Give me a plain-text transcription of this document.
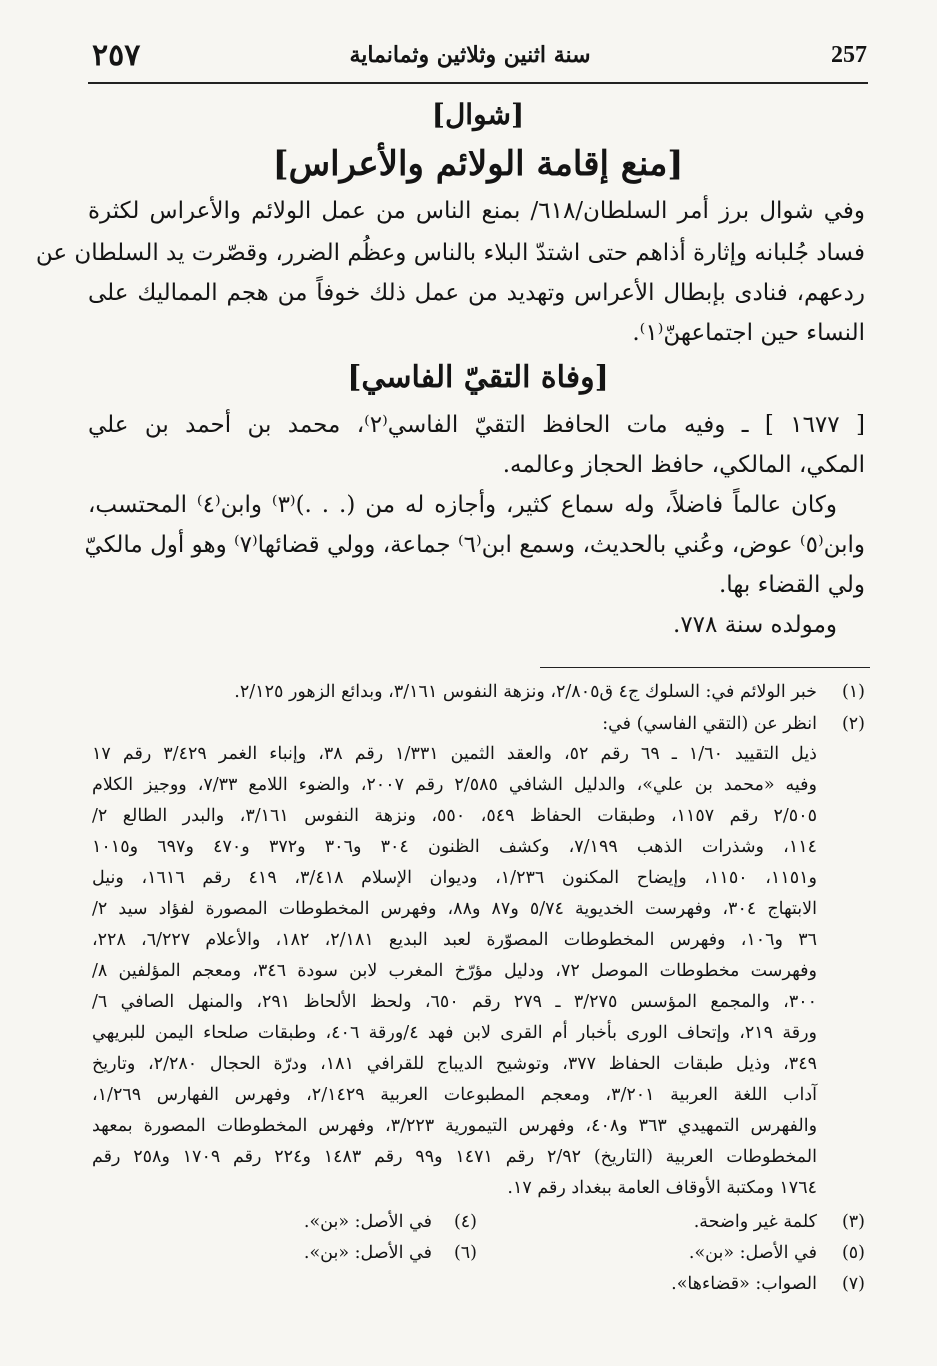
٢٥٧	سنة اثنين وثلاثين وثمانماية	257
[شوال]
[منع إقامة الولائم والأعراس]
وفي شوال برز أمر السلطان/٦١٨/ بمنع الناس من عمل الولائم والأعراس لكثرة
فساد جُلبانه وإثارة أذاهم حتى اشتدّ البلاء بالناس وعظُم الضرر، وقصّرت يد السلطان عن
ردعهم، فنادى بإبطال الأعراس وتهديد من عمل ذلك خوفاً من هجم المماليك على
النساء حين اجتماعهنّ⁽١⁾.
[وفاة التقيّ الفاسي]
[ ١٦٧٧ ] ـ وفيه مات الحافظ التقيّ الفاسي⁽٢⁾، محمد بن أحمد بن علي
المكي، المالكي، حافظ الحجاز وعالمه.
وكان عالماً فاضلاً، وله سماع كثير، وأجازه له من (. . .)⁽٣⁾ وابن⁽٤⁾ المحتسب،
وابن⁽٥⁾ عوض، وعُني بالحديث، وسمع ابن⁽٦⁾ جماعة، وولي قضائها⁽٧⁾ وهو أول مالكيّ
ولي القضاء بها.
ومولده سنة ٧٧٨.
(١)
خبر الولائم في: السلوك ج٤ ق٢/٨٠٥، ونزهة النفوس ٣/١٦١، وبدائع الزهور ٢/١٢٥.
(٢)
انظر عن (التقي الفاسي) في:
ذيل التقييد ١/٦٠ ـ ٦٩ رقم ٥٢، والعقد الثمين ١/٣٣١ رقم ٣٨، وإنباء الغمر ٣/٤٢٩ رقم ١٧
وفيه «محمد بن علي»، والدليل الشافي ٢/٥٨٥ رقم ٢٠٠٧، والضوء اللامع ٧/٣٣، ووجيز الكلام
٢/٥٠٥ رقم ١١٥٧، وطبقات الحفاظ ٥٤٩، ٥٥٠، ونزهة النفوس ٣/١٦١، والبدر الطالع ٢/
١١٤، وشذرات الذهب ٧/١٩٩، وكشف الظنون ٣٠٤ و٣٠٦ و٣٧٢ و٤٧٠ و٦٩٧ و١٠١٥
و١١٥١، ١١٥٠، وإيضاح المكنون ١/٢٣٦، وديوان الإسلام ٣/٤١٨، ٤١٩ رقم ١٦١٦، ونيل
الابتهاج ٣٠٤، وفهرست الخديوية ٥/٧٤ و٨٧ و٨٨، وفهرس المخطوطات المصورة لفؤاد سيد ٢/
٣٦ و١٠٦، وفهرس المخطوطات المصوّرة لعبد البديع ٢/١٨١، ١٨٢، والأعلام ٦/٢٢٧، ٢٢٨،
وفهرست مخطوطات الموصل ٧٢، ودليل مؤرّخ المغرب لابن سودة ٣٤٦، ومعجم المؤلفين ٨/
٣٠٠، والمجمع المؤسس ٣/٢٧٥ ـ ٢٧٩ رقم ٦٥٠، ولحظ الألحاظ ٢٩١، والمنهل الصافي ٦/
ورقة ٢١٩، وإتحاف الورى بأخبار أم القرى لابن فهد ٤/ورقة ٤٠٦، وطبقات صلحاء اليمن للبريهي
٣٤٩، وذيل طبقات الحفاظ ٣٧٧، وتوشيح الديباج للقرافي ١٨١، ودرّة الحجال ٢/٢٨٠، وتاريخ
آداب اللغة العربية ٣/٢٠١، ومعجم المطبوعات العربية ٢/١٤٢٩، وفهرس الفهارس ١/٢٦٩،
والفهرس التمهيدي ٣٦٣ و٤٠٨، وفهرس التيمورية ٣/٢٢٣، وفهرس المخطوطات المصورة بمعهد
المخطوطات العربية (التاريخ) ٢/٩٢ رقم ١٤٧١ و٩٩ رقم ١٤٨٣ و٢٢٤ رقم ١٧٠٩ و٢٥٨ رقم
١٧٦٤ ومكتبة الأوقاف العامة ببغداد رقم ١٧.
(٣)
كلمة غير واضحة.
(٤)
في الأصل: «بن».
(٥)
في الأصل: «بن».
(٦)
في الأصل: «بن».
(٧)
الصواب: «قضاءها».
